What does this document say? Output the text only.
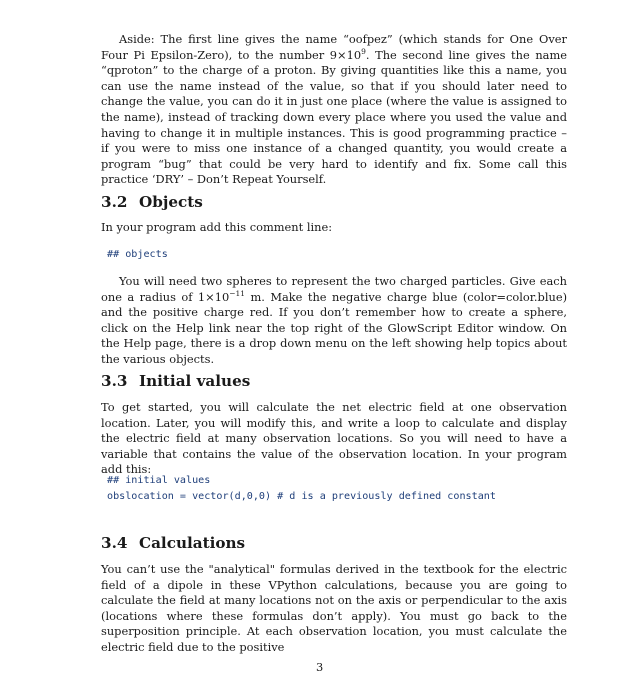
Aside: The first line gives the name “oofpez” (which stands for One Over Four Pi Epsilon-Zero), to the number $9\times 10^9$. The second line gives the name “qproton” to the charge of a proton. By giving quantities like this a name, you can use the name instead of the value, so that if you should later need to change the value, you can do it in just one place (where the value is assigned to the name), instead of tracking down every place where you used the value and having to change it in multiple instances. This is good programming practice – if you were to miss one instance of a changed quantity, you would create a program “bug” that could be very hard to identify and fix. Some call this practice ‘DRY’ – Don’t Repeat Yourself.

3.2 Objects

In your program add this comment line:

## objects

You will need two spheres to represent the two charged particles. Give each one a radius of $1\times 10^{-11}$ m. Make the negative charge blue (color=color.blue) and the positive charge red. If you don’t remember how to create a sphere, click on the Help link near the top right of the GlowScript Editor window. On the Help page, there is a drop down menu on the left showing help topics about the various objects.

3.3 Initial values

To get started, you will calculate the net electric field at one observation location. Later, you will modify this, and write a loop to calculate and display the electric field at many observation locations. So you will need to have a variable that contains the value of the observation location. In your program add this:

## initial values
obslocation = vector(d,0,0) # d is a previously defined constant
3.4 Calculations

You can’t use the "analytical" formulas derived in the textbook for the electric field of a dipole in these VPython calculations, because you are going to calculate the field at many locations not on the axis or perpendicular to the axis (locations where these formulas don’t apply). You must go back to the superposition principle. At each observation location, you must calculate the electric field due to the positive

3
